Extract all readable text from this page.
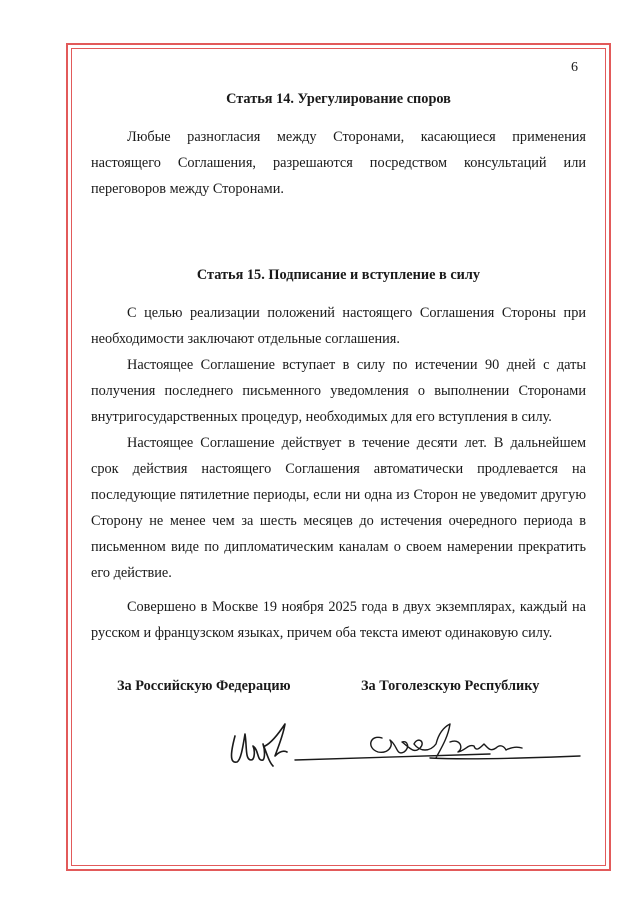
6

Статья 14. Урегулирование споров

Любые разногласия между Сторонами, касающиеся применения настоящего Соглашения, разрешаются посредством консультаций или переговоров между Сторонами.

Статья 15. Подписание и вступление в силу

С целью реализации положений настоящего Соглашения Стороны при необходимости заключают отдельные соглашения.

Настоящее Соглашение вступает в силу по истечении 90 дней с даты получения последнего письменного уведомления о выполнении Сторонами внутригосударственных процедур, необходимых для его вступления в силу.

Настоящее Соглашение действует в течение десяти лет. В дальнейшем срок действия настоящего Соглашения автоматически продлевается на последующие пятилетние периоды, если ни одна из Сторон не уведомит другую Сторону не менее чем за шесть месяцев до истечения очередного периода в письменном виде по дипломатическим каналам о своем намерении прекратить его действие.

Совершено в Москве 19 ноября 2025 года в двух экземплярах, каждый на русском и французском языках, причем оба текста имеют одинаковую силу.

За Российскую Федерацию	За Тоголезскую Республику
